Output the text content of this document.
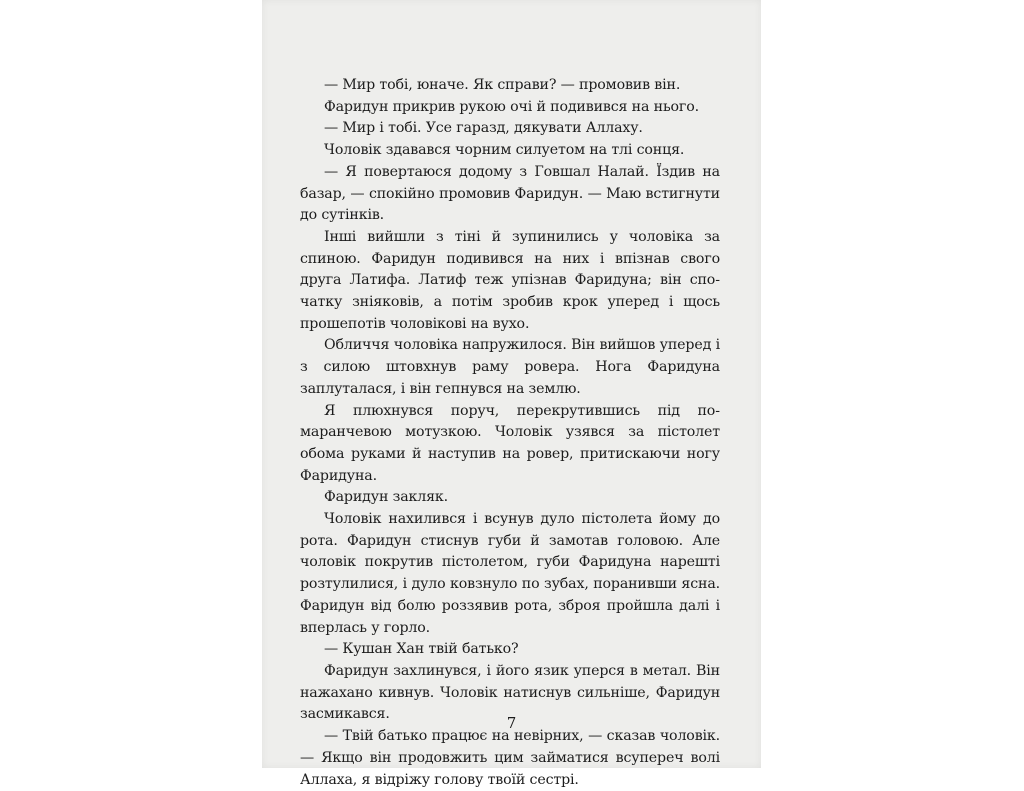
— Мир тобі, юначе. Як справи? — промовив він.

Фаридун прикрив рукою очі й подивився на нього.

— Мир і тобі. Усе гаразд, дякувати Аллаху.

Чоловік здавався чорним силуетом на тлі сонця.

— Я повертаюся додому з Говшал Налай. Їздив на базар, — спокійно промовив Фаридун. — Маю встигнути до сутінків.

Інші вийшли з тіні й зупинились у чоловіка за спиною. Фаридун подивився на них і впізнав свого друга Латифа. Латиф теж упізнав Фаридуна; він спочатку зніяковів, а потім зробив крок уперед і щось прошепотів чоловікові на вухо.

Обличчя чоловіка напружилося. Він вийшов уперед і з силою штовхнув раму ровера. Нога Фаридуна заплуталася, і він гепнувся на землю.

Я плюхнувся поруч, перекрутившись під помаранчевою мотузкою. Чоловік узявся за пістолет обома руками й наступив на ровер, притискаючи ногу Фаридуна.

Фаридун закляк.

Чоловік нахилився і всунув дуло пістолета йому до рота. Фаридун стиснув губи й замотав головою. Але чоловік покрутив пістолетом, губи Фаридуна нарешті розтулилися, і дуло ковзнуло по зубах, поранивши ясна. Фаридун від болю роззявив рота, зброя пройшла далі і вперлась у горло.

— Кушан Хан твій батько?

Фаридун захлинувся, і його язик уперся в метал. Він нажахано кивнув. Чоловік натиснув сильніше, Фаридун засмикався.

— Твій батько працює на невірних, — сказав чоловік. — Якщо він продовжить цим займатися всупереч волі Аллаха, я відріжу голову твоїй сестрі.

7
